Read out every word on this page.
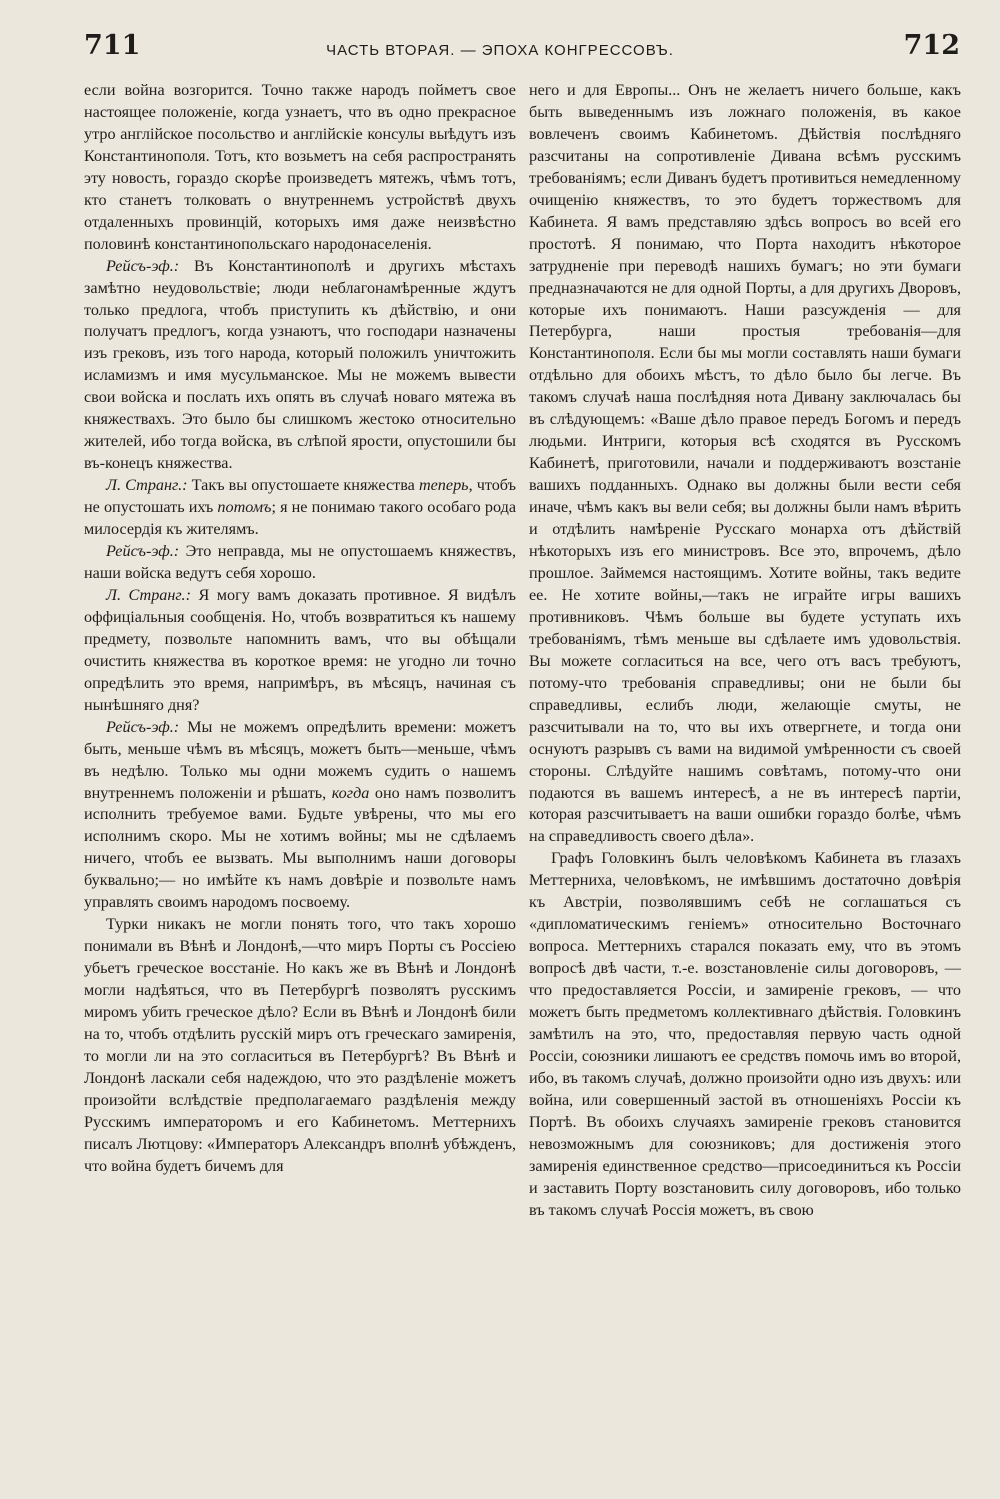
711	ЧАСТЬ ВТОРАЯ. — ЭПОХА КОНГРЕССОВЪ.	712

если война возгорится. Точно также народъ пойметъ свое настоящее положенiе, когда узнаетъ, что въ одно прекрасное утро англiйское посольство и англiйскiе консулы выѣдутъ изъ Константинополя. Тотъ, кто возьметъ на себя распространять эту новость, гораздо скорѣе произведетъ мятежъ, чѣмъ тотъ, кто станетъ толковать о внутреннемъ устройствѣ двухъ отдаленныхъ провинцiй, которыхъ имя даже неизвѣстно половинѣ константинопольскаго народонаселенiя.

Рейсъ-эф.: Въ Константинополѣ и другихъ мѣстахъ замѣтно неудовольствiе; люди неблагонамѣренные ждутъ только предлога, чтобъ приступить къ дѣйствiю, и они получатъ предлогъ, когда узнаютъ, что господари назначены изъ грековъ, изъ того народа, который положилъ уничтожить исламизмъ и имя мусульманское. Мы не можемъ вывести свои войска и послать ихъ опять въ случаѣ новаго мятежа въ княжествахъ. Это было бы слишкомъ жестоко относительно жителей, ибо тогда войска, въ слѣпой ярости, опустошили бы въ-конецъ княжества.

Л. Странг.: Такъ вы опустошаете княжества теперь, чтобъ не опустошать ихъ потомъ; я не понимаю такого особаго рода милосердiя къ жителямъ.

Рейсъ-эф.: Это неправда, мы не опустошаемъ княжествъ, наши войска ведутъ себя хорошо.

Л. Странг.: Я могу вамъ доказать противное. Я видѣлъ оффицiальныя сообщенiя. Но, чтобъ возвратиться къ нашему предмету, позвольте напомнить вамъ, что вы обѣщали очистить княжества въ короткое время: не угодно ли точно опредѣлить это время, напримѣръ, въ мѣсяцъ, начиная съ нынѣшняго дня?

Рейсъ-эф.: Мы не можемъ опредѣлить времени: можетъ быть, меньше чѣмъ въ мѣсяцъ, можетъ быть—меньше, чѣмъ въ недѣлю. Только мы одни можемъ судить о нашемъ внутреннемъ положенiи и рѣшать, когда оно намъ позволитъ исполнить требуемое вами. Будьте увѣрены, что мы его исполнимъ скоро. Мы не хотимъ войны; мы не сдѣлаемъ ничего, чтобъ ее вызвать. Мы выполнимъ наши договоры буквально;— но имѣйте къ намъ довѣрiе и позвольте намъ управлять своимъ народомъ посвоему.

Турки никакъ не могли понять того, что такъ хорошо понимали въ Вѣнѣ и Лондонѣ,—что миръ Порты съ Россiею убьетъ греческое восстанiе. Но какъ же въ Вѣнѣ и Лондонѣ могли надѣяться, что въ Петербургѣ позволятъ русскимъ миромъ убить греческое дѣло? Если въ Вѣнѣ и Лондонѣ били на то, чтобъ отдѣлить русскiй миръ отъ греческаго замиренiя, то могли ли на это согласиться въ Петербургѣ? Въ Вѣнѣ и Лондонѣ ласкали себя надеждою, что это раздѣленiе можетъ произойти вслѣдствiе предполагаемаго раздѣленiя между Русскимъ императоромъ и его Кабинетомъ. Меттернихъ писалъ Лютцову: «Императоръ Александръ вполнѣ убѣжденъ, что война будетъ бичемъ для

него и для Европы... Онъ не желаетъ ничего большe, какъ быть выведеннымъ изъ ложнаго положенiя, въ какое вовлеченъ своимъ Кабинетомъ. Дѣйствiя послѣдняго разсчитаны на сопротивленiе Дивана всѣмъ русскимъ требованiямъ; если Диванъ будетъ противиться немедленному очищенiю княжествъ, то это будетъ торжествомъ для Кабинета. Я вамъ представляю здѣсь вопросъ во всей его простотѣ. Я понимаю, что Порта находитъ нѣкоторое затрудненiе при переводѣ нашихъ бумагъ; но эти бумаги предназначаются не для одной Порты, а для другихъ Дворовъ, которые ихъ понимаютъ. Наши разсужденiя — для Петербурга, наши простыя требованiя—для Константинополя. Если бы мы могли составлять наши бумаги отдѣльно для обоихъ мѣстъ, то дѣло было бы легче. Въ такомъ случаѣ наша послѣдняя нота Дивану заключалась бы въ слѣдующемъ: «Ваше дѣло правое передъ Богомъ и передъ людьми. Интриги, которыя всѣ сходятся въ Русскомъ Кабинетѣ, приготовили, начали и поддерживаютъ возстанiе вашихъ подданныхъ. Однако вы должны были вести себя иначе, чѣмъ какъ вы вели себя; вы должны были намъ вѣрить и отдѣлить намѣренiе Русскаго монарха отъ дѣйствiй нѣкоторыхъ изъ его министровъ. Все это, впрочемъ, дѣло прошлое. Займемся настоящимъ. Хотите войны, такъ ведите ее. Не хотите войны,—такъ не играйте игры вашихъ противниковъ. Чѣмъ больше вы будете уступать ихъ требованiямъ, тѣмъ меньше вы сдѣлаете имъ удовольствiя. Вы можете согласиться на все, чего отъ васъ требуютъ, потому-что требованiя справедливы; они не были бы справедливы, еслибъ люди, желающiе смуты, не разсчитывали на то, что вы ихъ отвергнете, и тогда они оснуютъ разрывъ съ вами на видимой умѣренности съ своей стороны. Слѣдуйте нашимъ совѣтамъ, потому-что они подаются въ вашемъ интересѣ, а не въ интересѣ партiи, которая разсчитываетъ на ваши ошибки гораздо болѣе, чѣмъ на справедливость своего дѣла».

Графъ Головкинъ былъ человѣкомъ Кабинета въ глазахъ Меттерниха, человѣкомъ, не имѣвшимъ достаточно довѣрiя къ Австрiи, позволявшимъ себѣ не соглашаться съ «дипломатическимъ генiемъ» относительно Восточнаго вопроса. Меттернихъ старался показать ему, что въ этомъ вопросѣ двѣ части, т.-е. возстановленiе силы договоровъ, — что предоставляется Россiи, и замиренiе грековъ, — что можетъ быть предметомъ коллективнаго дѣйствiя. Головкинъ замѣтилъ на это, что, предоставляя первую часть одной Россiи, союзники лишаютъ ее средствъ помочь имъ во второй, ибо, въ такомъ случаѣ, должно произойти одно изъ двухъ: или война, или совершенный застой въ отношенiяхъ Россiи къ Портѣ. Въ обоихъ случаяхъ замиренiе грековъ становится невозможнымъ для союзниковъ; для достиженiя этого замиренiя единственное средство—присоединиться къ Россiи и заставить Порту возстановить силу договоровъ, ибо только въ такомъ случаѣ Россiя можетъ, въ свою
